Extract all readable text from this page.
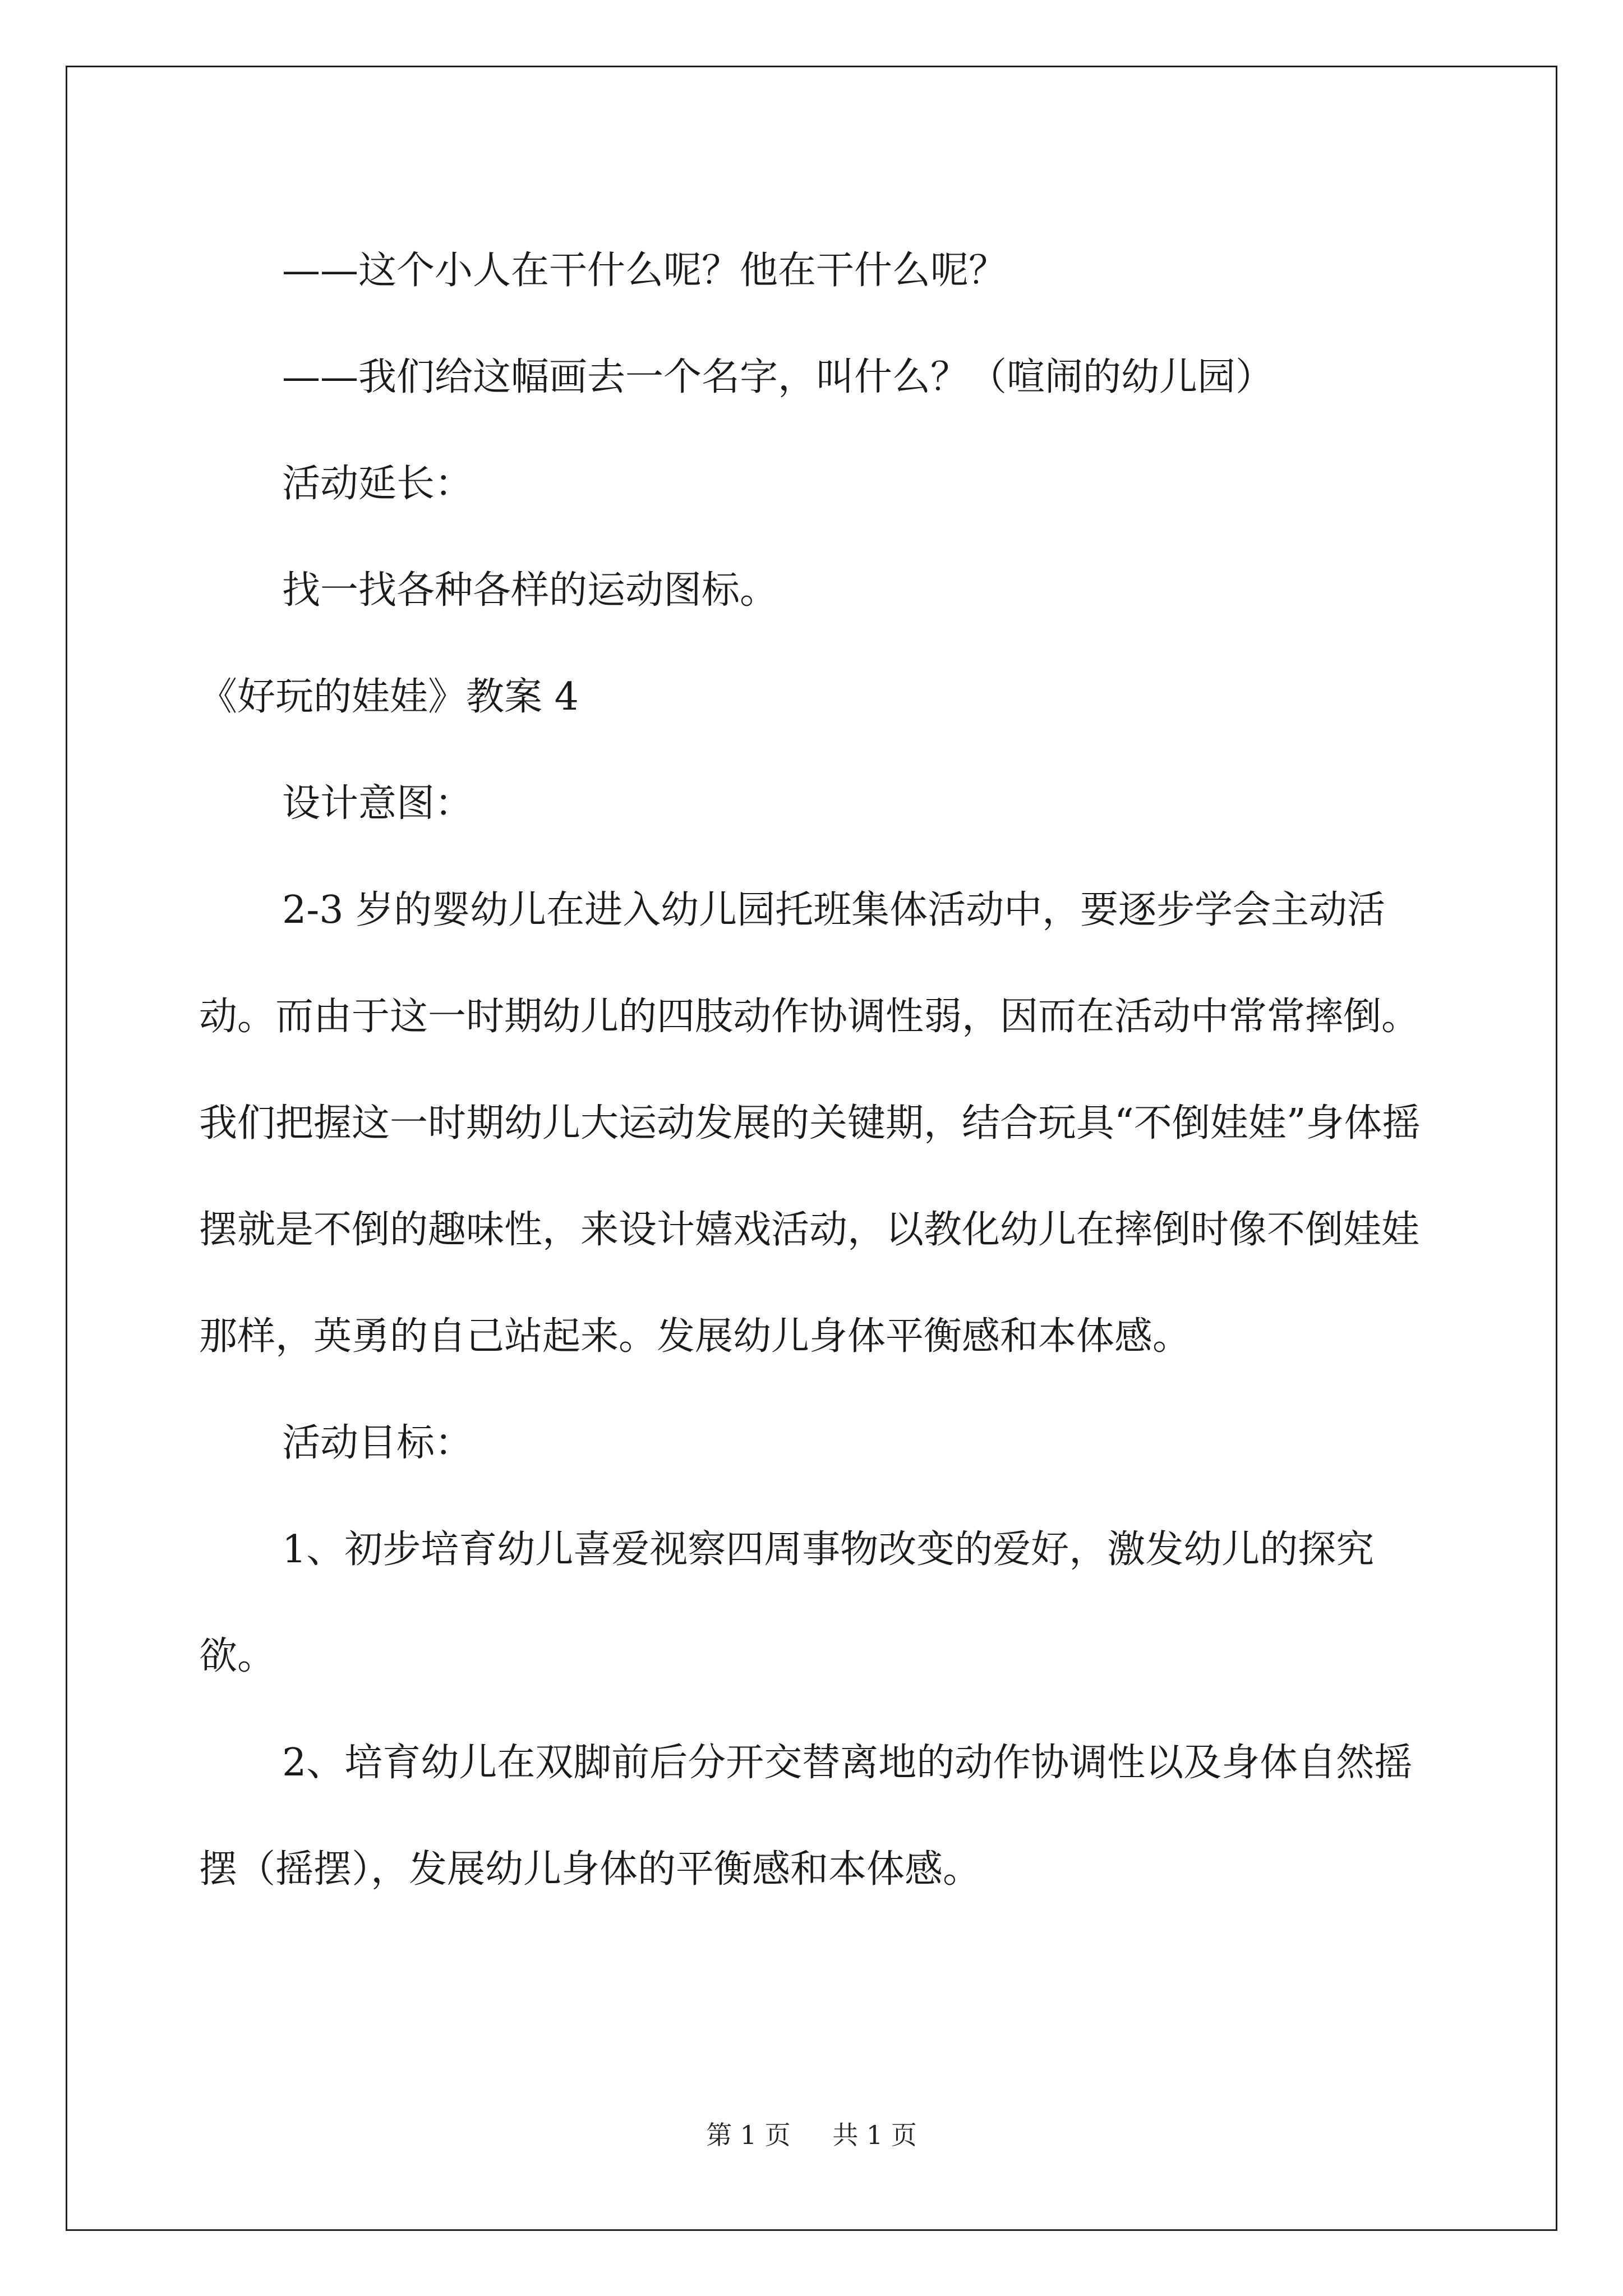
——这个小人在干什么呢？他在干什么呢？

——我们给这幅画去一个名字，叫什么？（喧闹的幼儿园）

活动延长：

找一找各种各样的运动图标。

《好玩的娃娃》教案 4

设计意图：

2-3 岁的婴幼儿在进入幼儿园托班集体活动中，要逐步学会主动活动。而由于这一时期幼儿的四肢动作协调性弱，因而在活动中常常摔倒。我们把握这一时期幼儿大运动发展的关键期，结合玩具“不倒娃娃”身体摇摆就是不倒的趣味性，来设计嬉戏活动，以教化幼儿在摔倒时像不倒娃娃那样，英勇的自己站起来。发展幼儿身体平衡感和本体感。

活动目标：

1、初步培育幼儿喜爱视察四周事物改变的爱好，激发幼儿的探究欲。

2、培育幼儿在双脚前后分开交替离地的动作协调性以及身体自然摇摆（摇摆），发展幼儿身体的平衡感和本体感。

第 1 页 共 1 页
